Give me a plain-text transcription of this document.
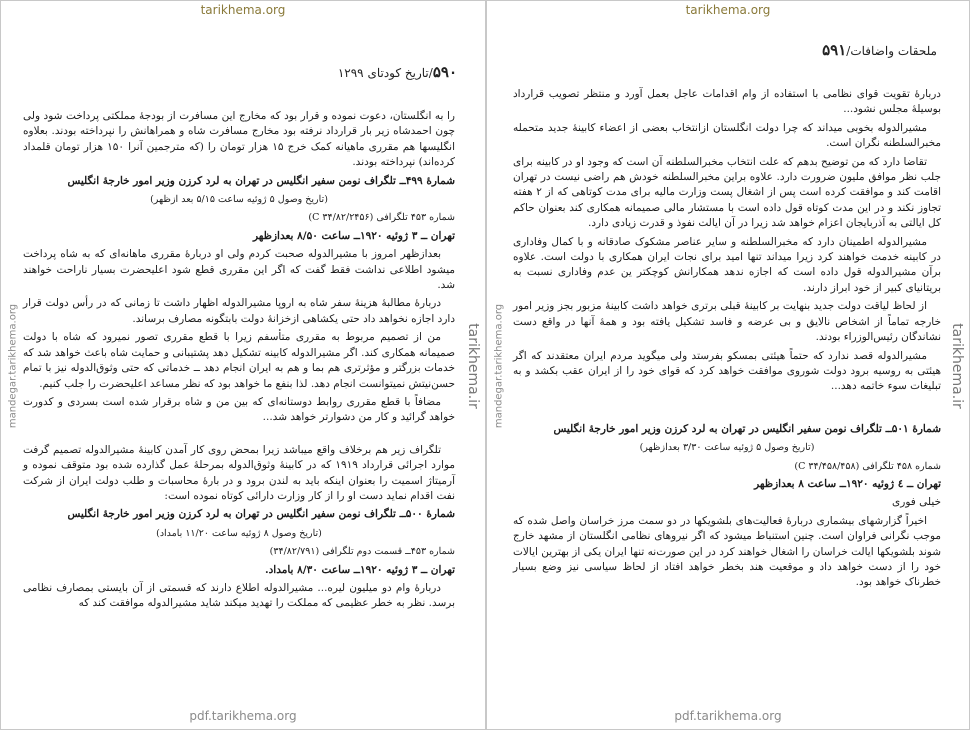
tarikhema.org
mandegar.tarikhema.org	tarikhema.ir
۵۹۰/تاریخ کودتای ۱۲۹۹

را به انگلستان، دعوت نموده و قرار بود که مخارج این مسافرت از بودجهٔ مملکتی پرداخت شود ولی چون احمدشاه زیر بار قرارداد نرفته بود مخارج مسافرت شاه و همراهانش را نپرداخته بودند. بعلاوه انگلیسها هم مقرری ماهیانه کمک خرج ۱۵ هزار تومان را (که مترجمین آنرا ۱۵۰ هزار تومان قلمداد کرده‌اند) نپرداخته بودند.

شمارهٔ ۴۹۹ــ تلگراف نومن سفیر انگلیس در تهران به لرد کرزن وزیر امور خارجهٔ انگلیس

(تاریخ وصول ۵ ژوئیه ساعت ۵/۱۵ بعد ازظهر)

شماره ۴۵۳ تلگرافی (۳۴/۸۲/۲۴۵۶ C)

تهران ــ ۳ ژوئیه ۱۹۲۰ــ ساعت ۸/۵۰ بعدازظهر

بعدازظهر امروز با مشیرالدوله صحبت کردم ولی او دربارهٔ مقرری ماهانه‌ای که به شاه پرداخت میشود اطلاعی نداشت فقط گفت که اگر این مقرری قطع شود اعلیحضرت بسیار ناراحت خواهند شد.

دربارهٔ مطالبهٔ هزینهٔ سفر شاه به اروپا مشیرالدوله اظهار داشت تا زمانی که در رأس دولت قرار دارد اجازه نخواهد داد حتی یکشاهی ازخزانهٔ دولت بابتگونه مصارف برساند.

من از تصمیم مربوط به مقرری متأسفم زیرا با قطع مقرری تصور نمیرود که شاه با دولت صمیمانه همکاری کند. اگر مشیرالدوله کابینه تشکیل دهد پشتیبانی و حمایت شاه باعث خواهد شد که خدمات بزرگتر و مؤثرتری هم بما و هم به ایران انجام دهد ــ خدماتی که حتی وثوق‌الدوله نیز با تمام حسن‌نیتش نمیتوانست انجام دهد. لذا بنفع ما خواهد بود که نظر مساعد اعلیحضرت را جلب کنیم.

مضافاً با قطع مقرری روابط دوستانه‌ای که بین من و شاه برقرار شده است بسردی و کدورت خواهد گرائید و کار من دشوارتر خواهد شد...

تلگراف زیر هم برخلاف واقع میباشد زیرا بمحض روی کار آمدن کابینهٔ مشیرالدوله تصمیم گرفت موارد اجرائی قرارداد ۱۹۱۹ که در کابینهٔ وثوق‌الدوله بمرحلهٔ عمل گذارده شده بود متوقف نموده و آرمیتاژ اسمیت را بعنوان اینکه باید به لندن برود و در بارهٔ محاسبات و طلب دولت ایران از شرکت نفت اقدام نماید دست او را از کار وزارت دارائی کوتاه نموده است:

شمارهٔ ۵۰۰ــ تلگراف نومن سفیر انگلیس در تهران به لرد کرزن وزیر امور خارجهٔ انگلیس

(تاریخ وصول ۸ ژوئیه ساعت ۱۱/۲۰ بامداد)

شماره ۴۵۳ــ قسمت دوم تلگرافی (۳۴/۸۲/۷۹۱)

تهران ــ ۳ ژوئیه ۱۹۲۰ــ ساعت ۸/۳۰ بامداد.

دربارهٔ وام دو میلیون لیره... مشیرالدوله اطلاع دارند که قسمتی از آن بایستی بمصارف نظامی برسد. نظر به خطر عظیمی که مملکت را تهدید میکند شاید مشیرالدوله موافقت کند که

pdf.tarikhema.org
tarikhema.org
mandegar.tarikhema.org	tarikhema.ir
ملحقات واضافات/۵۹۱

دربارهٔ تقویت قوای نظامی با استفاده از وام اقدامات عاجل بعمل آورد و منتظر تصویب قرارداد بوسیلهٔ مجلس نشود...

مشیرالدوله بخوبی میداند که چرا دولت انگلستان ازانتخاب بعضی از اعضاء کابینهٔ جدید متحمله مخبرالسلطنه نگران است.

تقاضا دارد که من توضیح بدهم که علت انتخاب مخبرالسلطنه آن است که وجود او در کابینه برای جلب نظر موافق ملیون ضرورت دارد. علاوه براین مخبرالسلطنه خودش هم راضی نیست در تهران اقامت کند و موافقت کرده است پس از اشغال پست وزارت مالیه برای مدت کوتاهی که از ۲ هفته تجاوز نکند و در این مدت کوتاه قول داده است با مستشار مالی صمیمانه همکاری کند بعنوان حاکم کل ایالتی به آذربایجان اعزام خواهد شد زیرا در آن ایالت نفوذ و قدرت زیادی دارد.

مشیرالدوله اطمینان دارد که مخبرالسلطنه و سایر عناصر مشکوک صادقانه و با کمال وفاداری در کابینه خدمت خواهند کرد زیرا میداند تنها امید برای نجات ایران همکاری با دولت است. علاوه برآن مشیرالدوله قول داده است که اجازه ندهد همکارانش کوچکتر ین عدم وفاداری نسبت به بریتانیای کبیر از خود ابراز دارند.

از لحاظ لیاقت دولت جدید بنهایت بر کابینهٔ قبلی برتری خواهد داشت کابینهٔ مزبور بجز وزیر امور خارجه تماماً از اشخاص نالایق و بی عرضه و فاسد تشکیل یافته بود و همهٔ آنها در واقع دست نشاندگان رئیس‌الوزراء بودند.

مشیرالدوله قصد ندارد که حتماً هیئتی بمسکو بفرستد ولی میگوید مردم ایران معتقدند که اگر هیئتی به روسیه برود دولت شوروی موافقت خواهد کرد که قوای خود را از ایران عقب بکشد و به تبلیغات سوء خاتمه دهد...

شمارهٔ ۵۰۱ــ تلگراف نومن سفیر انگلیس در تهران به لرد کرزن وزیر امور خارجهٔ انگلیس

(تاریخ وصول ۵ ژوئیه ساعت ۳/۳۰ بعدازظهر)

شماره ۴۵۸ تلگرافی (۳۴/۴۵۸/۴۵۸ C)

تهران ــ ٤ ژوئیه ۱۹۲۰ــ ساعت ۸ بعدازظهر

خیلی فوری

اخیراً گزارشهای بیشماری دربارهٔ فعالیت‌های بلشویکها در دو سمت مرز خراسان واصل شده که موجب نگرانی فراوان است. چنین استنباط میشود که اگر نیروهای نظامی انگلستان از مشهد خارج شوند بلشویکها ایالت خراسان را اشغال خواهند کرد در این صورت‌نه تنها ایران یکی از بهترین ایالات خود را از دست خواهد داد و موقعیت هند بخطر خواهد افتاد از لحاظ سیاسی نیز وضع بسیار خطرناک خواهد بود.

pdf.tarikhema.org
